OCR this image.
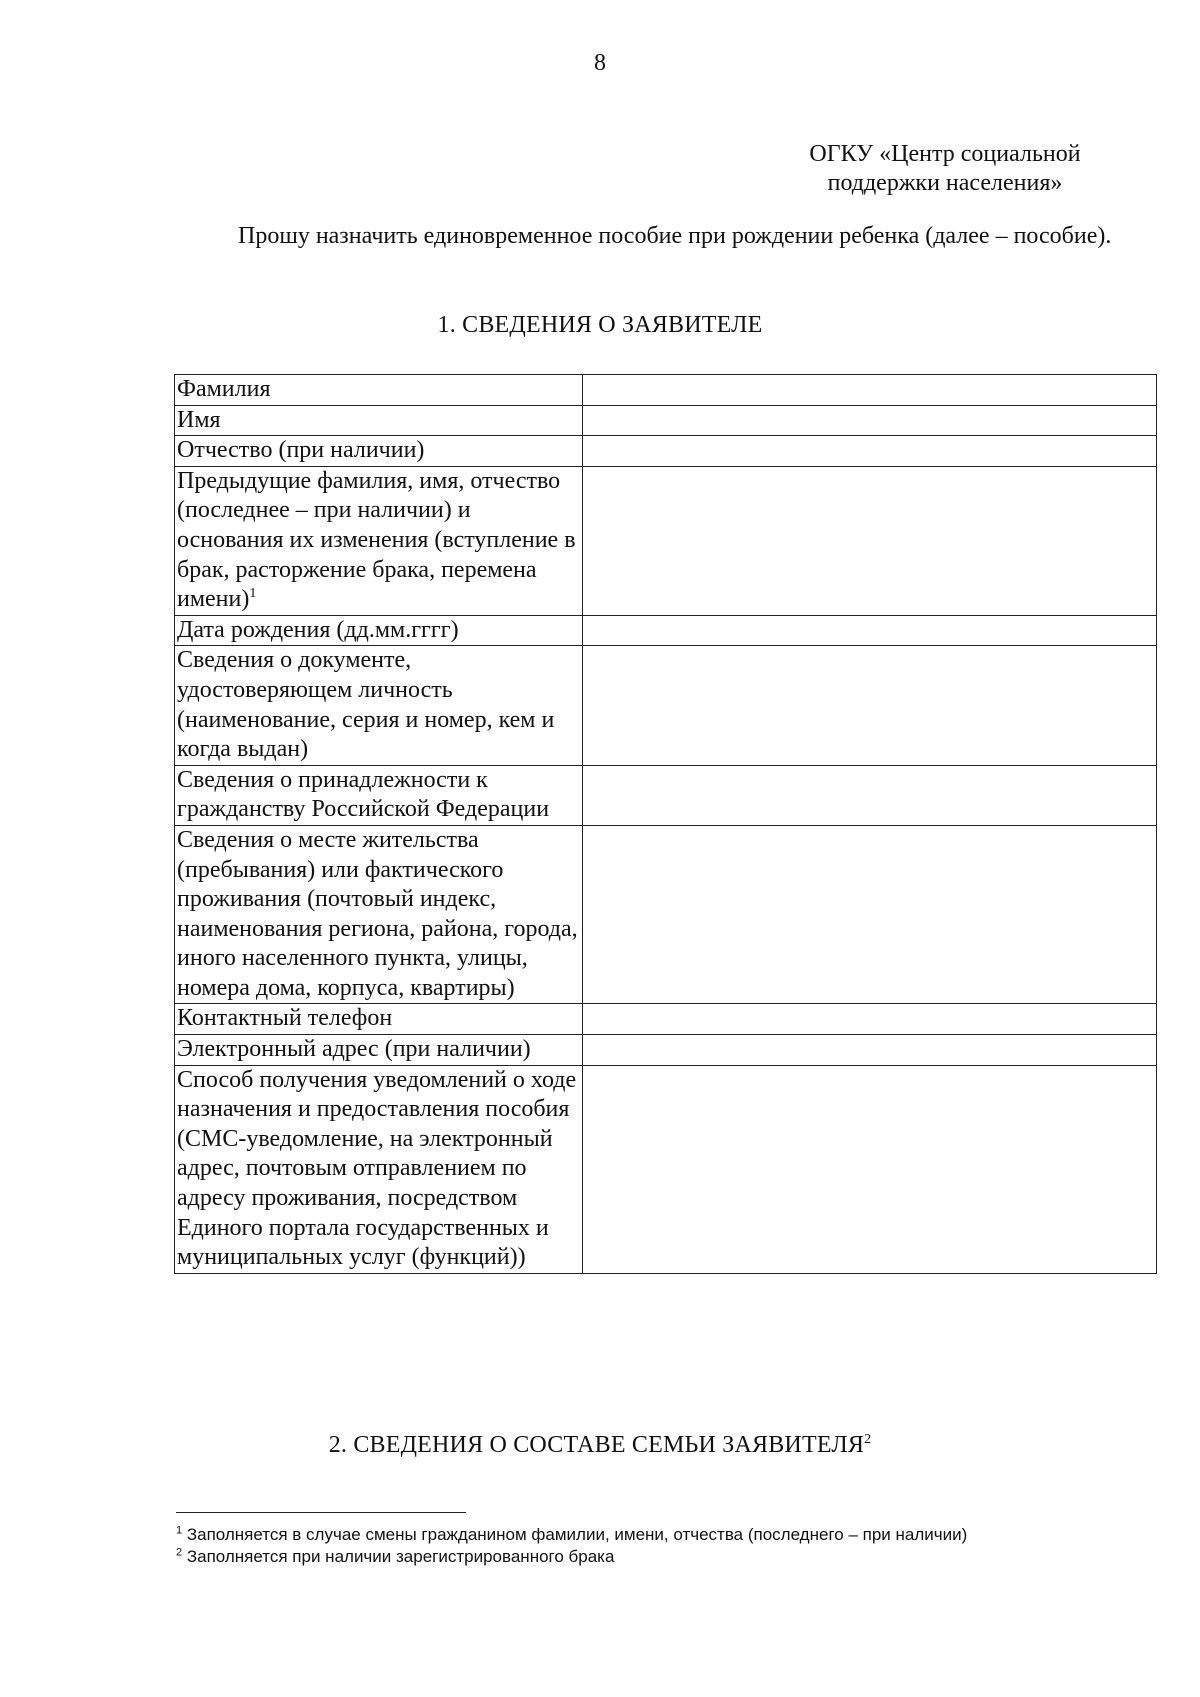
8
ОГКУ «Центр социальной
поддержки населения»
Прошу назначить единовременное пособие при рождении ребенка (далее – пособие).
1. СВЕДЕНИЯ О ЗАЯВИТЕЛЕ
Фамилия	
Имя	
Отчество (при наличии)	
Предыдущие фамилия, имя, отчество (последнее – при наличии) и основания их изменения (вступление в брак, расторжение брака, перемена имени)$^1$	
Дата рождения (дд.мм.гггг)	
Сведения о документе, удостоверяющем личность (наименование, серия и номер, кем и когда выдан)	
Сведения о принадлежности к гражданству Российской Федерации	
Сведения о месте жительства (пребывания) или фактического проживания (почтовый индекс, наименования региона, района, города, иного населенного пункта, улицы, номера дома, корпуса, квартиры)	
Контактный телефон	
Электронный адрес (при наличии)	
Способ получения уведомлений о ходе назначения и предоставления пособия (СМС-уведомление, на электронный адрес, почтовым отправлением по адресу проживания, посредством Единого портала государственных и муниципальных услуг (функций))	
2. СВЕДЕНИЯ О СОСТАВЕ СЕМЬИ ЗАЯВИТЕЛЯ$^2$
$^1$ Заполняется в случае смены гражданином фамилии, имени, отчества (последнего – при наличии)
$^2$ Заполняется при наличии зарегистрированного брака
